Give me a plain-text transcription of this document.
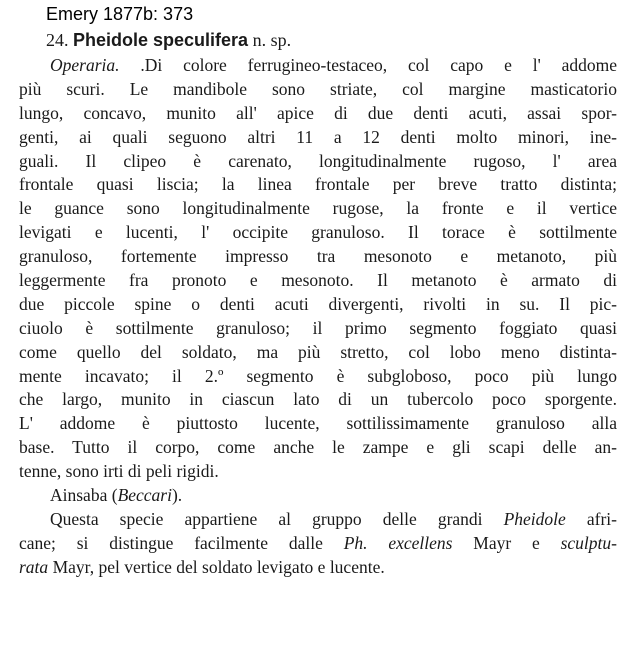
Emery 1877b: 373
24. Pheidole speculifera n. sp.
Operaria. .Di colore ferrugineo-testaceo, col capo e l' addome
più scuri. Le mandibole sono striate, col margine masticatorio
lungo, concavo, munito all' apice di due denti acuti, assai spor-
genti, ai quali seguono altri 11 a 12 denti molto minori, ine-
guali. Il clipeo è carenato, longitudinalmente rugoso, l' area
frontale quasi liscia; la linea frontale per breve tratto distinta;
le guance sono longitudinalmente rugose, la fronte e il vertice
levigati e lucenti, l' occipite granuloso. Il torace è sottilmente
granuloso, fortemente impresso tra mesonoto e metanoto, più
leggermente fra pronoto e mesonoto. Il metanoto è armato di
due piccole spine o denti acuti divergenti, rivolti in su. Il pic-
ciuolo è sottilmente granuloso; il primo segmento foggiato quasi
come quello del soldato, ma più stretto, col lobo meno distinta-
mente incavato; il 2.º segmento è subgloboso, poco più lungo
che largo, munito in ciascun lato di un tubercolo poco sporgente.
L' addome è piuttosto lucente, sottilissimamente granuloso alla
base. Tutto il corpo, come anche le zampe e gli scapi delle an-
tenne, sono irti di peli rigidi.
Ainsaba (Beccari).
Questa specie appartiene al gruppo delle grandi Pheidole afri-
cane; si distingue facilmente dalle Ph. excellens Mayr e sculptu-
rata Mayr, pel vertice del soldato levigato e lucente.
